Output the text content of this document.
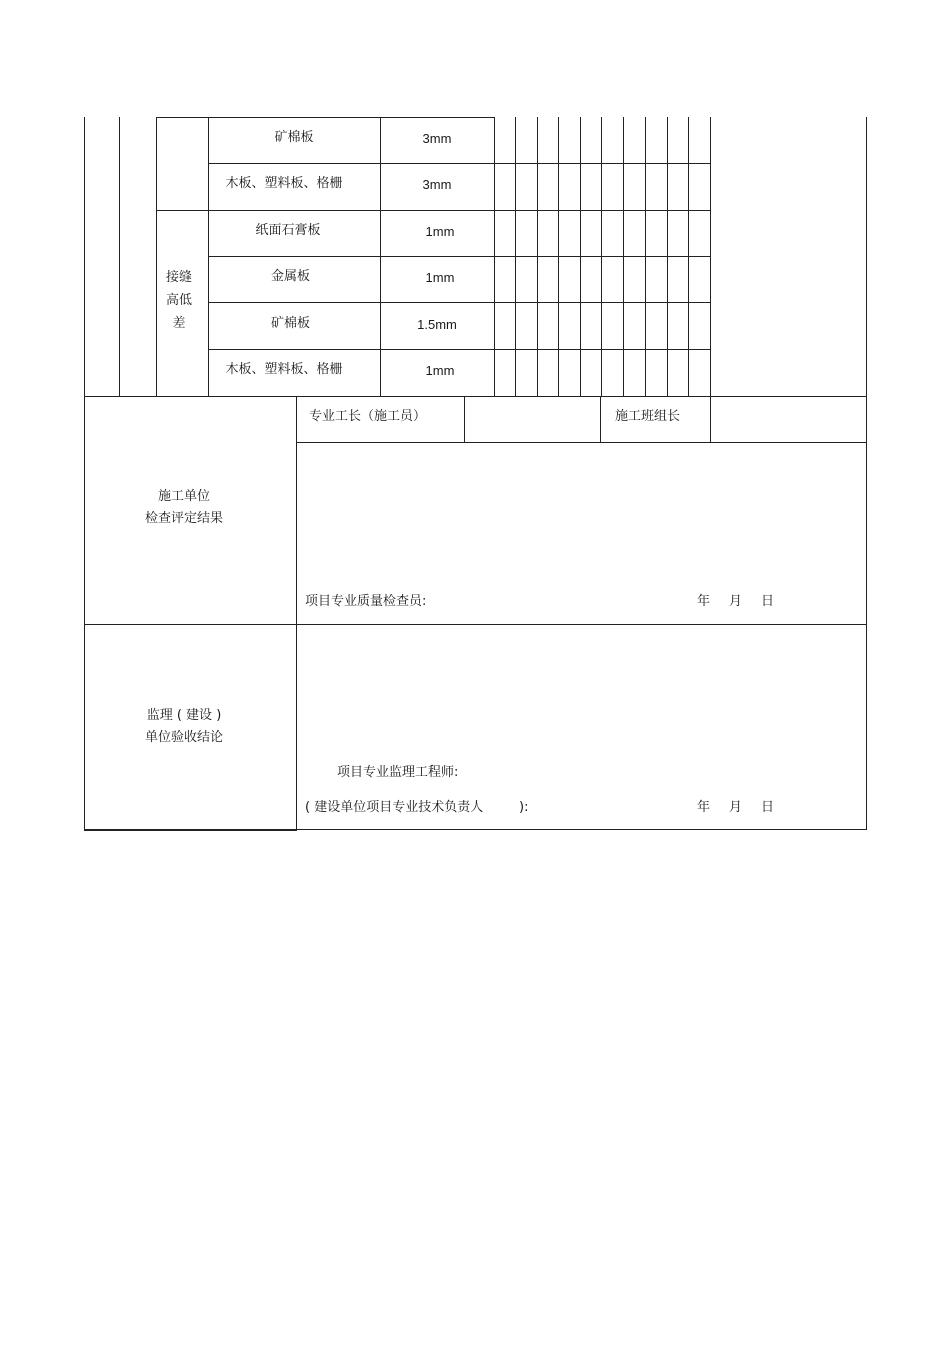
矿棉板	3mm
木板、塑料板、格栅	3mm
纸面石膏板	1mm
金属板	1mm
矿棉板	1.5mm
木板、塑料板、格栅	1mm
接缝
高低
差
专业工长（施工员）	施工班组长
施工单位
检查评定结果
项目专业质量检查员:	年 月 日
监理 ( 建设 )
单位验收结论
项目专业监理工程师:
( 建设单位项目专业技术负责人	):	年 月 日
